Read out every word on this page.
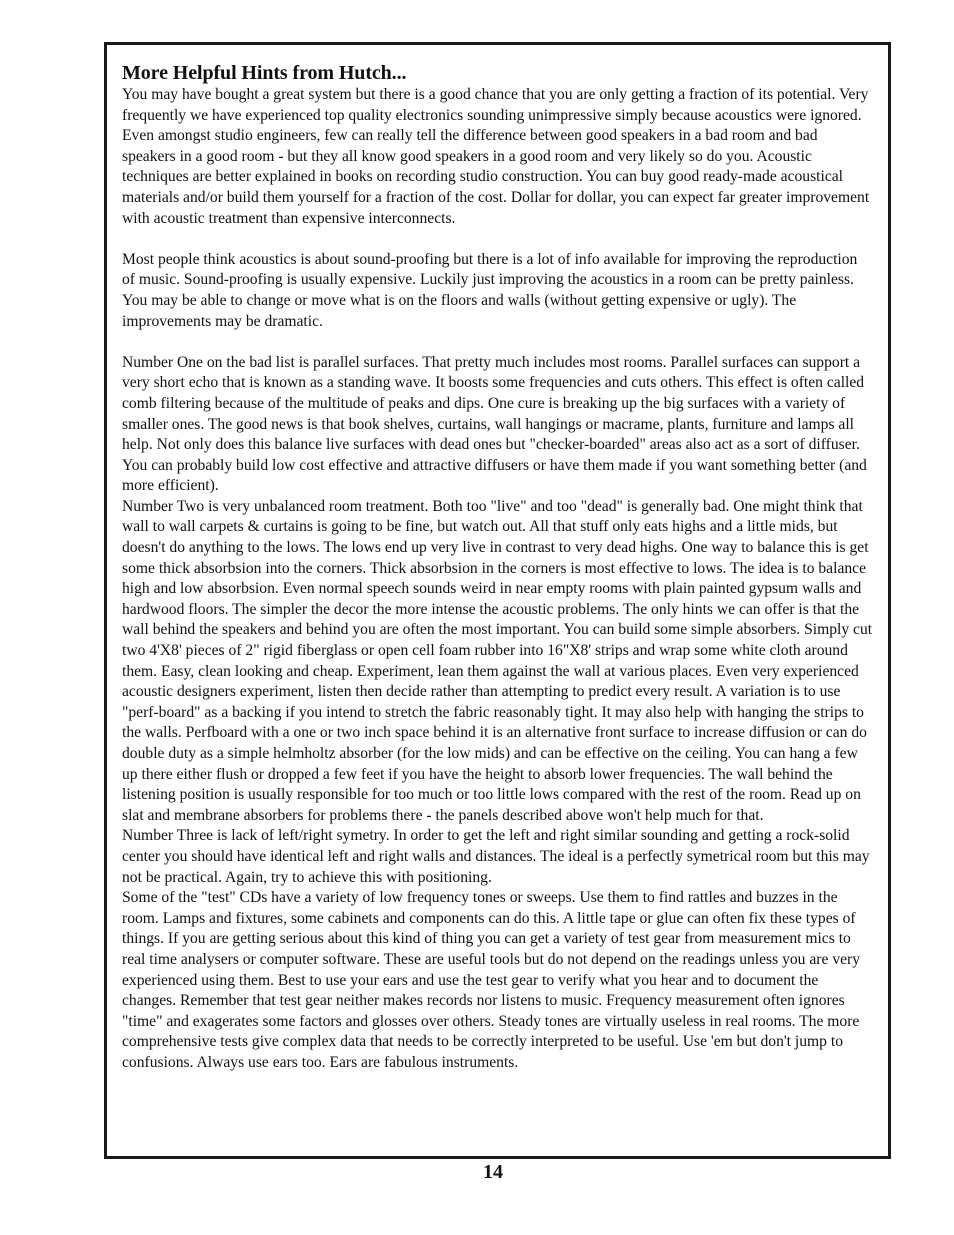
More Helpful Hints from Hutch...

You may have bought a great system but there is a good chance that you are only getting a fraction of its potential. Very frequently we have experienced top quality electronics sounding unimpressive simply because acoustics were ignored. Even amongst studio engineers, few can really tell the difference between good speakers in a bad room and bad speakers in a good room - but they all know good speakers in a good room and very likely so do you. Acoustic techniques are better explained in books on recording studio construction. You can buy good ready-made acoustical materials and/or build them yourself for a fraction of the cost. Dollar for dollar, you can expect far greater improvement with acoustic treatment than expensive interconnects.

Most people think acoustics is about sound-proofing but there is a lot of info available for improving the reproduction of music. Sound-proofing is usually expensive. Luckily just improving the acoustics in a room can be pretty painless. You may be able to change or move what is on the floors and walls (without getting expensive or ugly). The improvements may be dramatic.

Number One on the bad list is parallel surfaces. That pretty much includes most rooms. Parallel surfaces can support a very short echo that is known as a standing wave. It boosts some frequencies and cuts others. This effect is often called comb filtering because of the multitude of peaks and dips. One cure is breaking up the big surfaces with a variety of smaller ones. The good news is that book shelves, curtains, wall hangings or macrame, plants, furniture and lamps all help. Not only does this balance live surfaces with dead ones but "checker-boarded" areas also act as a sort of diffuser. You can probably build low cost effective and attractive diffusers or have them made if you want something better (and more efficient).

Number Two is very unbalanced room treatment. Both too "live" and too "dead" is generally bad. One might think that wall to wall carpets & curtains is going to be fine, but watch out. All that stuff only eats highs and a little mids, but doesn't do anything to the lows. The lows end up very live in contrast to very dead highs. One way to balance this is get some thick absorbsion into the corners. Thick absorbsion in the corners is most effective to lows. The idea is to balance high and low absorbsion. Even normal speech sounds weird in near empty rooms with plain painted gypsum walls and hardwood floors. The simpler the decor the more intense the acoustic problems. The only hints we can offer is that the wall behind the speakers and behind you are often the most important. You can build some simple absorbers. Simply cut two 4'X8' pieces of 2" rigid fiberglass or open cell foam rubber into 16"X8' strips and wrap some white cloth around them. Easy, clean looking and cheap. Experiment, lean them against the wall at various places. Even very experienced acoustic designers experiment, listen then decide rather than attempting to predict every result. A variation is to use "perf-board" as a backing if you intend to stretch the fabric reasonably tight. It may also help with hanging the strips to the walls. Perfboard with a one or two inch space behind it is an alternative front surface to increase diffusion or can do double duty as a simple helmholtz absorber (for the low mids) and can be effective on the ceiling. You can hang a few up there either flush or dropped a few feet if you have the height to absorb lower frequencies. The wall behind the listening position is usually responsible for too much or too little lows compared with the rest of the room. Read up on slat and membrane absorbers for problems there - the panels described above won't help much for that.

Number Three is lack of left/right symetry. In order to get the left and right similar sounding and getting a rock-solid center you should have identical left and right walls and distances. The ideal is a perfectly symetrical room but this may not be practical. Again, try to achieve this with positioning.

Some of the "test" CDs have a variety of low frequency tones or sweeps. Use them to find rattles and buzzes in the room. Lamps and fixtures, some cabinets and components can do this. A little tape or glue can often fix these types of things. If you are getting serious about this kind of thing you can get a variety of test gear from measurement mics to real time analysers or computer software. These are useful tools but do not depend on the readings unless you are very experienced using them. Best to use your ears and use the test gear to verify what you hear and to document the changes. Remember that test gear neither makes records nor listens to music. Frequency measurement often ignores "time" and exagerates some factors and glosses over others. Steady tones are virtually useless in real rooms. The more comprehensive tests give complex data that needs to be correctly interpreted to be useful. Use 'em but don't jump to confusions. Always use ears too. Ears are fabulous instruments.

14
